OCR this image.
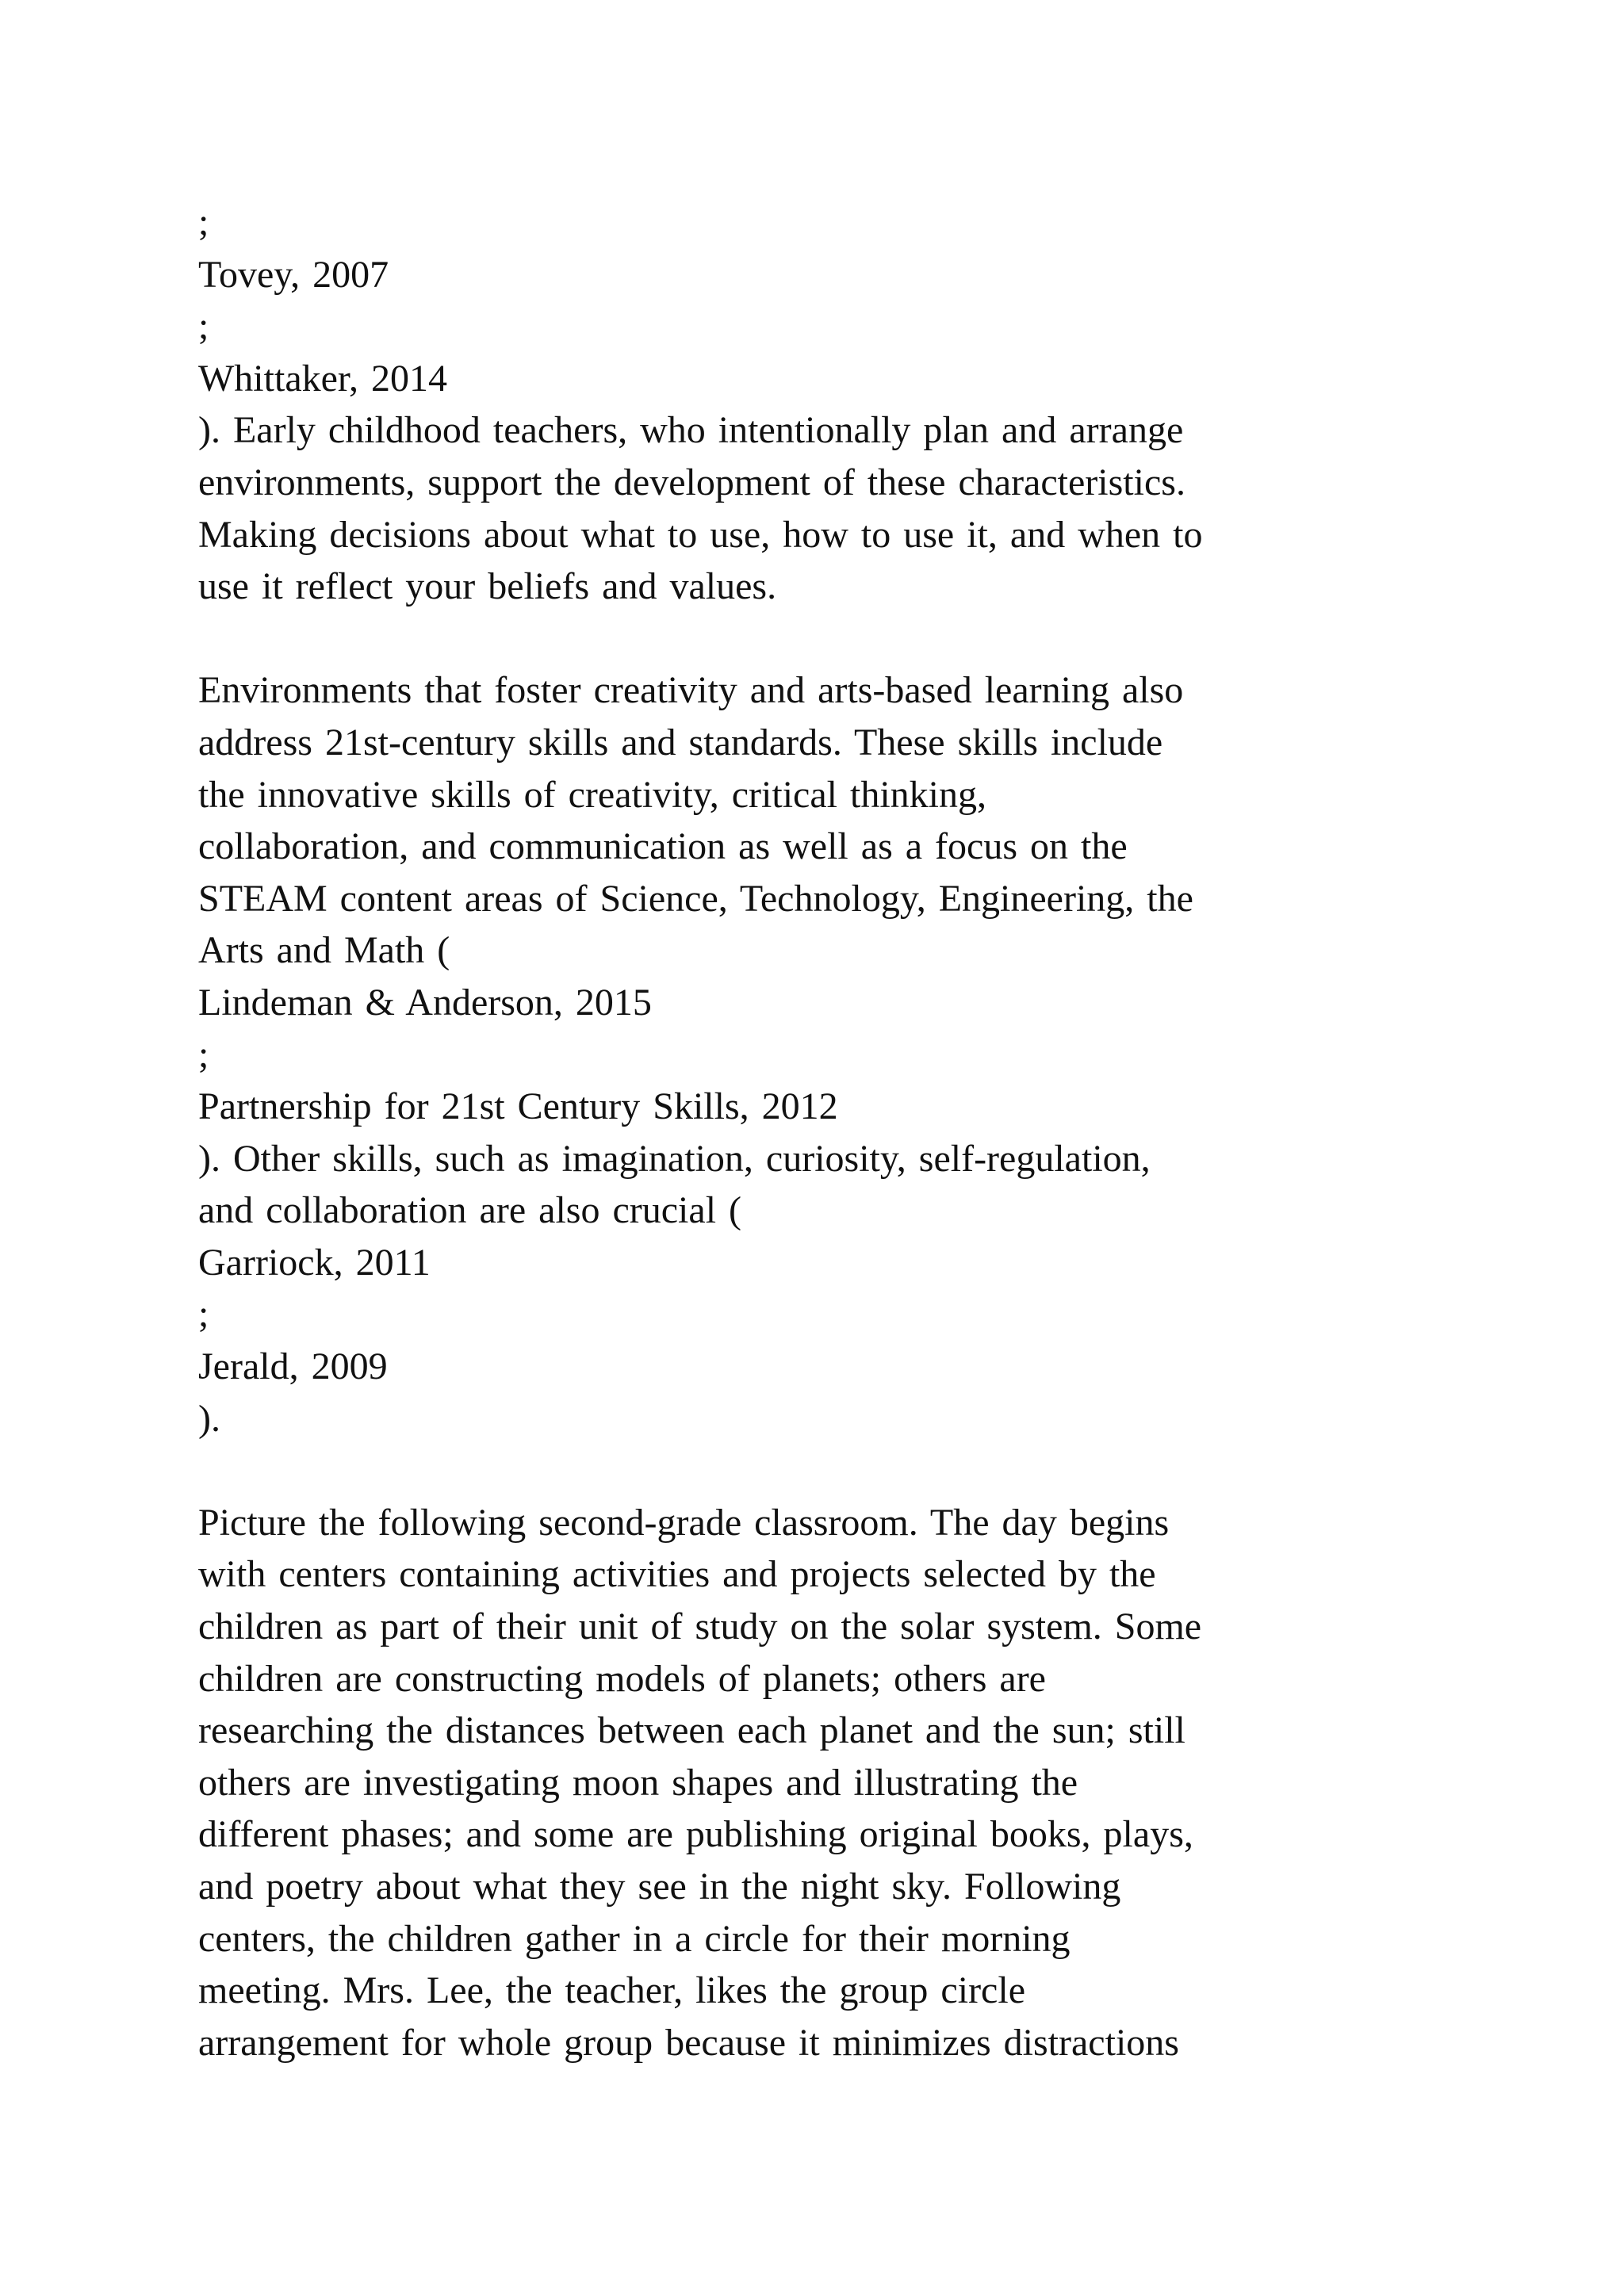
;
Tovey, 2007
;
Whittaker, 2014
). Early childhood teachers, who intentionally plan and arrange
environments, support the development of these characteristics.
Making decisions about what to use, how to use it, and when to
use it reflect your beliefs and values.
Environments that foster creativity and arts-based learning also
address 21st-century skills and standards. These skills include
the innovative skills of creativity, critical thinking,
collaboration, and communication as well as a focus on the
STEAM content areas of Science, Technology, Engineering, the
Arts and Math (
Lindeman & Anderson, 2015
;
Partnership for 21st Century Skills, 2012
). Other skills, such as imagination, curiosity, self-regulation,
and collaboration are also crucial (
Garriock, 2011
;
Jerald, 2009
).
Picture the following second-grade classroom. The day begins
with centers containing activities and projects selected by the
children as part of their unit of study on the solar system. Some
children are constructing models of planets; others are
researching the distances between each planet and the sun; still
others are investigating moon shapes and illustrating the
different phases; and some are publishing original books, plays,
and poetry about what they see in the night sky. Following
centers, the children gather in a circle for their morning
meeting. Mrs. Lee, the teacher, likes the group circle
arrangement for whole group because it minimizes distractions
